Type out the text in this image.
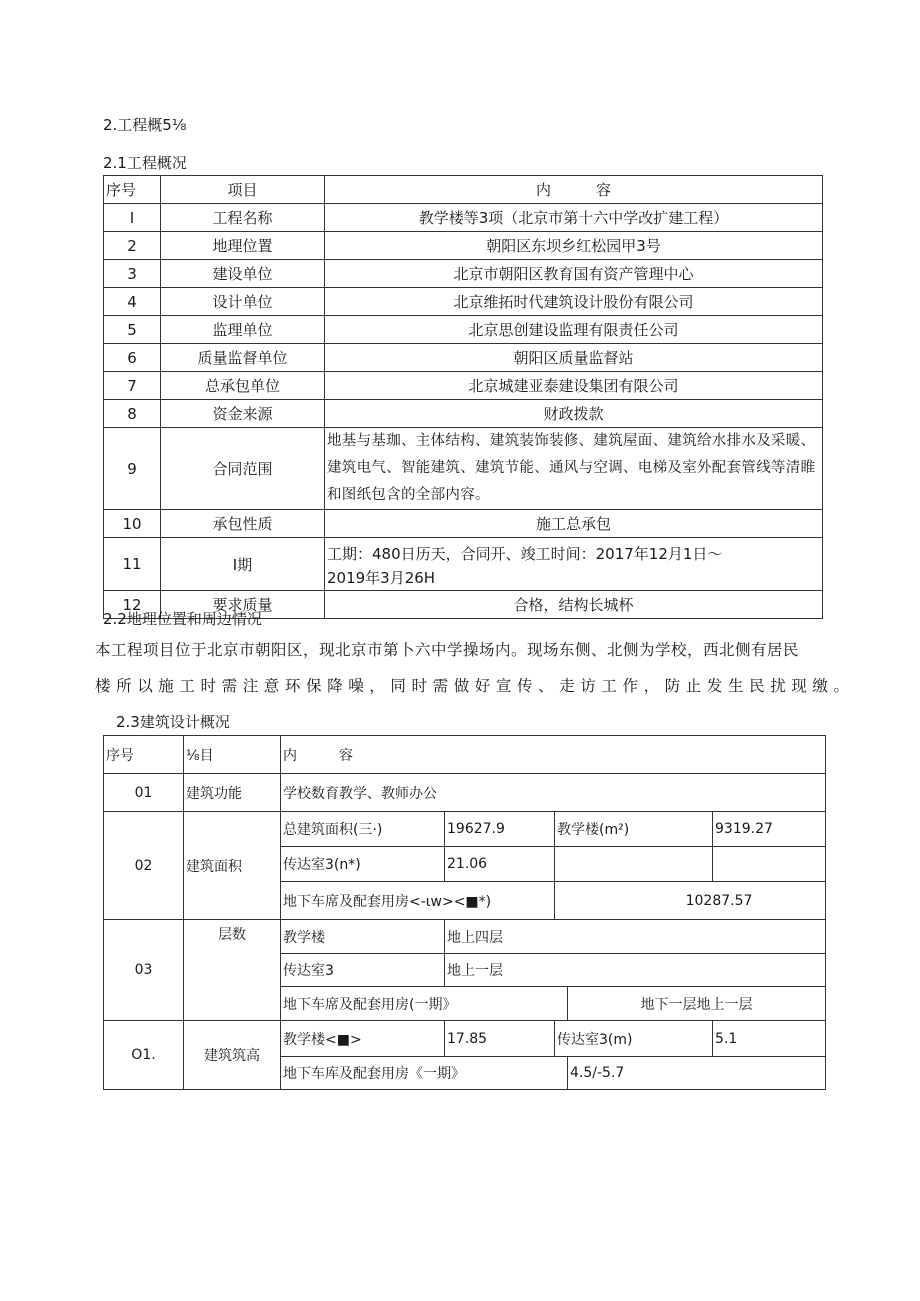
2.工程概5⅛
2.1工程概况
序号	项目	内　　　容
I	工程名称	教学楼等3项（北京市第十六中学改扩建工程）
2	地理位置	朝阳区东坝乡红松园甲3号
3	建设单位	北京市朝阳区教育国有资产管理中心
4	设计单位	北京维拓时代建筑设计股份有限公司
5	监理单位	北京思创建设监理有限责任公司
6	质量监督单位	朝阳区质量监督站
7	总承包单位	北京城建亚泰建设集团有限公司
8	资金来源	财政拨款
9	合同范围	地基与基珈、主体结构、建筑装饰装修、建筑屋面、建筑给水排水及采暖、建筑电气、智能建筑、建筑节能、通风与空调、电梯及室外配套管线等清睢和图纸包含的全部内容。
10	承包性质	施工总承包
11	I期	工期：480日历天，合同开、竣工时间：2017年12月1日～
2019年3月26H

12	要求质量	合格，结构长城杯
2.2地理位置和周边情况
本工程项目位于北京市朝阳区，现北京市第卜六中学操场内。现场东侧、北侧为学校，西北侧有居民
楼所以施工时需注意环保降噪，同时需做好宣传、走访工作，防止发生民扰现缴。
2.3建筑设计概况
序号	⅛目	内　　　容				
01	建筑功能	学校数育教学、教师办公				
02	建筑面积	总建筑面积(三·)	19627.9	教学楼(m²)		9319.27
		传达室3(n*)	21.06			
		地下车席及配套用房<-ιw><■*)		10287.57		
03	层数	教学楼	地上四层			
		传达室3	地上一层			
		地下车席及配套用房(一期》			地下一层地上一层	
O1.	建筑筑高	教学楼<■>	17.85	传达室3(m)		5.1
		地下车库及配套用房《一期》			4.5/-5.7	
